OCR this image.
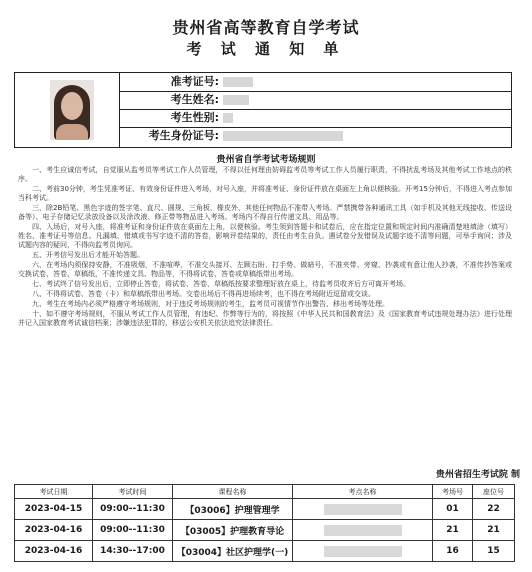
贵州省高等教育自学考试
考 试 通 知 单
准考证号:
考生姓名:
考生性别:
考生身份证号:
贵州省自学考试考场规则

一、考生应诚信考试，自觉服从监考员等考试工作人员管理，不得以任何理由妨碍监考员等考试工作人员履行职责，不得扰乱考场及其他考试工作地点的秩序。

二、考前30分钟，考生凭准考证、有效身份证件进入考场，对号入座，并将准考证、身份证件放在桌面左上角以便核验。开考15分钟后，不得进入考点参加当科考试。

三、除2B铅笔、黑色字迹的签字笔、直尺、圆规、三角板、橡皮外，其他任何物品不准带入考场。严禁携带各种通讯工具（如手机及其他无线接收、传送设备等）、电子存储记忆录放设备以及涂改液、修正带等物品进入考场。考场内不得自行传递文具、用品等。

四、入场后，对号入座，将准考证和身份证件放在桌面左上角，以便核验。考生领到答题卡和试卷后，应在指定位置和规定时间内准确清楚地填涂（填写）姓名、准考证号等信息。凡漏填、错填或书写字迹不清的答卷，影响评卷结果的，责任由考生自负。遇试卷分发错误及试题字迹不清等问题，可举手询问；涉及试题内容的疑问，不得向监考员询问。

五、开考信号发出后才能开始答题。

六、在考场内须保持安静，不准吸烟，不准喧哗，不准交头接耳、左顾右盼、打手势、做暗号，不准夹带、旁窥、抄袭或有意让他人抄袭，不准传抄答案或交换试卷、答卷、草稿纸，不准传递文具、物品等，不得将试卷、答卷或草稿纸带出考场。

七、考试终了信号发出后，立即停止答卷，将试卷、答卷、草稿纸按要求整理好放在桌上，待监考员收齐后方可离开考场。

八、不得将试卷、答卷（卡）和草稿纸带出考场。交卷出场后不得再进场续考，也不得在考场附近逗留或交谈。

九、考生在考场内必须严格遵守考场规则，对于违反考场规则的考生，监考员可视情节作出警告、移出考场等处理。

十、如不遵守考场规则，不服从考试工作人员管理，有违纪、作弊等行为的，将按照《中华人民共和国教育法》及《国家教育考试违规处理办法》进行处理并记入国家教育考试诚信档案；涉嫌违法犯罪的，移送公安机关依法追究法律责任。

贵州省招生考试院 制
考试日期	考试时间	课程名称	考点名称	考场号	座位号
2023-04-15	09:00--11:30	【03006】护理管理学		01	22
2023-04-16	09:00--11:30	【03005】护理教育导论		21	21
2023-04-16	14:30--17:00	【03004】社区护理学(一)		16	15
